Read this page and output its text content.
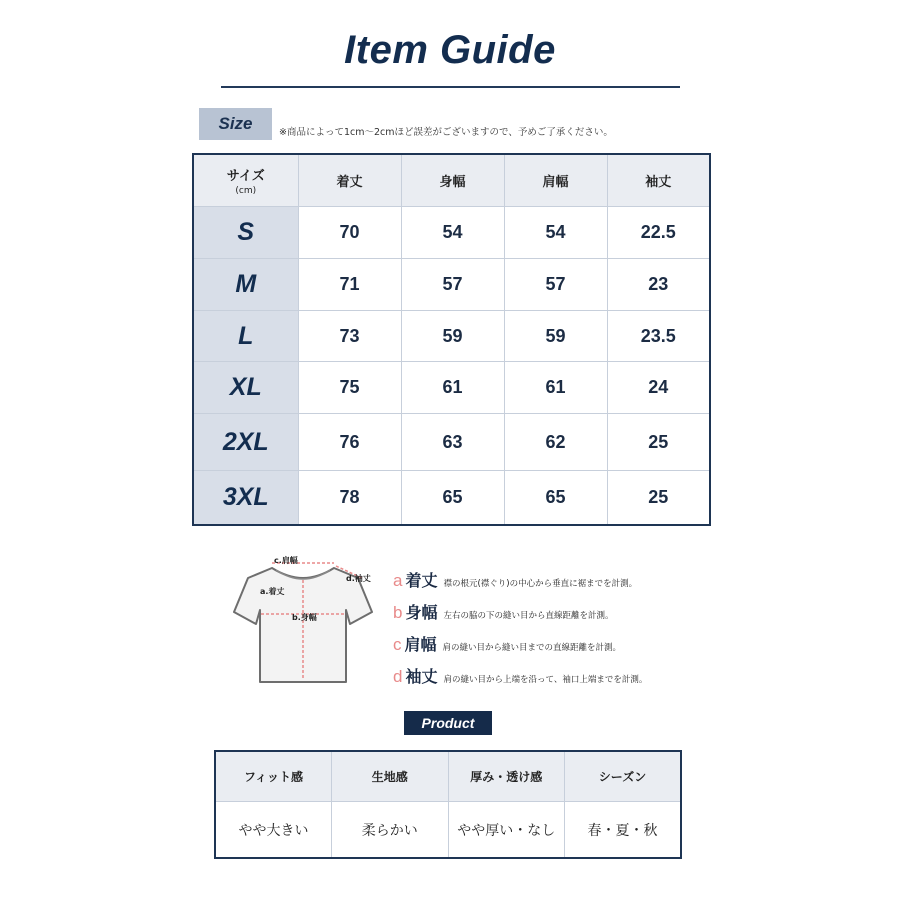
Item Guide
Size	※商品によって1cm〜2cmほど誤差がございますので、予めご了承ください。
サイズ
(cm)	着丈	身幅	肩幅	袖丈
S	70	54	54	22.5
M	71	57	57	23
L	73	59	59	23.5
XL	75	61	61	24
2XL	76	63	62	25
3XL	78	65	65	25
c.肩幅
a.着丈
b.身幅
d.袖丈 a 着丈 襟の根元(襟ぐり)の中心から垂直に裾までを計測。
b 身幅 左右の脇の下の縫い目から直線距離を計測。
c 肩幅 肩の縫い目から縫い目までの直線距離を計測。
d 袖丈 肩の縫い目から上端を沿って、袖口上端までを計測。
Product
フィット感	生地感	厚み・透け感	シーズン
やや大きい	柔らかい	やや厚い・なし	春・夏・秋
